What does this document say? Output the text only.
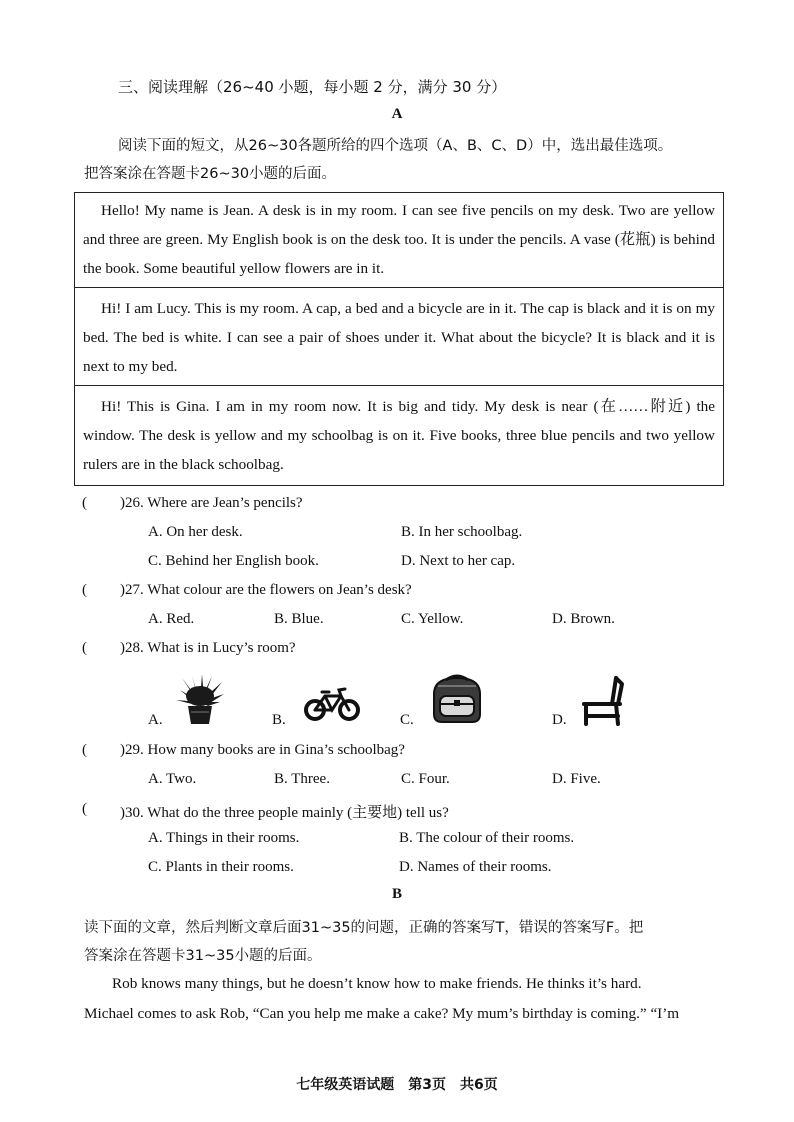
三、阅读理解（26~40 小题，每小题 2 分，满分 30 分）
A
阅读下面的短文，从26~30各题所给的四个选项（A、B、C、D）中，选出最佳选项。
把答案涂在答题卡26~30小题的后面。
Hello! My name is Jean. A desk is in my room. I can see five pencils on my desk. Two are yellow and three are green. My English book is on the desk too. It is under the pencils. A vase (花瓶) is behind the book. Some beautiful yellow flowers are in it.
Hi! I am Lucy. This is my room. A cap, a bed and a bicycle are in it. The cap is black and it is on my bed. The bed is white. I can see a pair of shoes under it. What about the bicycle? It is black and it is next to my bed.
Hi! This is Gina. I am in my room now. It is big and tidy. My desk is near (在……附近) the window. The desk is yellow and my schoolbag is on it. Five books, three blue pencils and two yellow rulers are in the black schoolbag.
( )26. Where are Jean’s pencils?
A. On her desk.	B. In her schoolbag.
C. Behind her English book.	D. Next to her cap.
( )27. What colour are the flowers on Jean’s desk?
A. Red.	B. Blue.	C. Yellow.	D. Brown.
( )28. What is in Lucy’s room?
A.	B.	C.	D.
( )29. How many books are in Gina’s schoolbag?
A. Two.	B. Three.	C. Four.	D. Five.
( )30. What do the three people mainly (主要地) tell us?
A. Things in their rooms.	B. The colour of their rooms.
C. Plants in their rooms.	D. Names of their rooms.
B
读下面的文章，然后判断文章后面31~35的问题，正确的答案写T，错误的答案写F。把
答案涂在答题卡31~35小题的后面。
Rob knows many things, but he doesn’t know how to make friends. He thinks it’s hard.
Michael comes to ask Rob, “Can you help me make a cake? My mum’s birthday is coming.” “I’m
七年级英语试题　第3页　共6页
